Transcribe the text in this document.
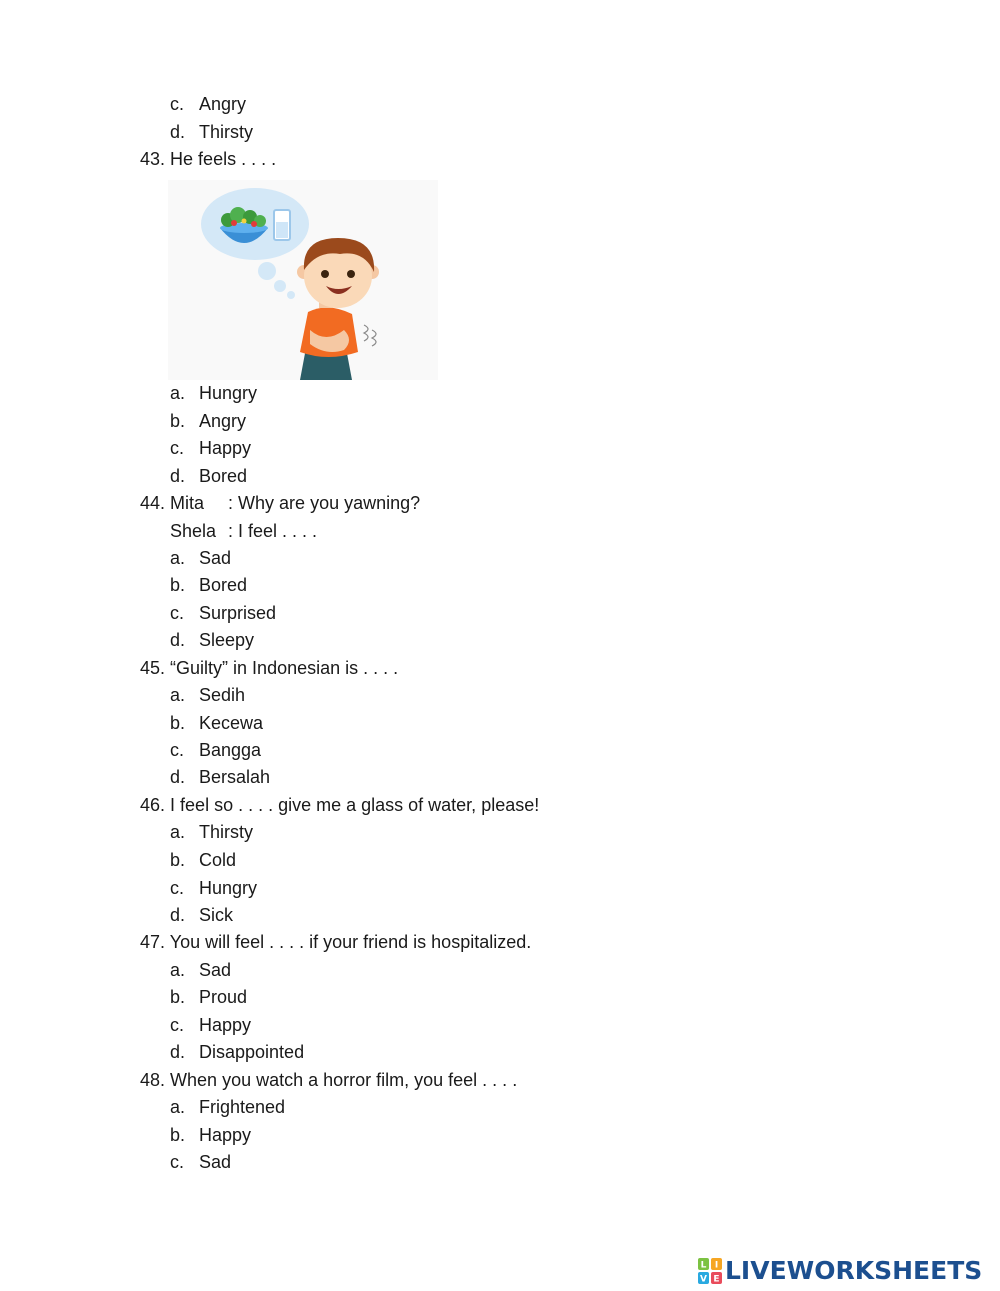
c. Angry
d. Thirsty
43. He feels . . . .
a. Hungry
b. Angry
c. Happy
d. Bored
44. Mita : Why are you yawning?
Shela : I feel . . . .
a. Sad
b. Bored
c. Surprised
d. Sleepy
45. “Guilty” in Indonesian is . . . .
a. Sedih
b. Kecewa
c. Bangga
d. Bersalah
46. I feel so . . . . give me a glass of water, please!
a. Thirsty
b. Cold
c. Hungry
d. Sick
47. You will feel . . . . if your friend is hospitalized.
a. Sad
b. Proud
c. Happy
d. Disappointed
48. When you watch a horror film, you feel . . . .
a. Frightened
b. Happy
c. Sad
L I
V E LIVEWORKSHEETS
